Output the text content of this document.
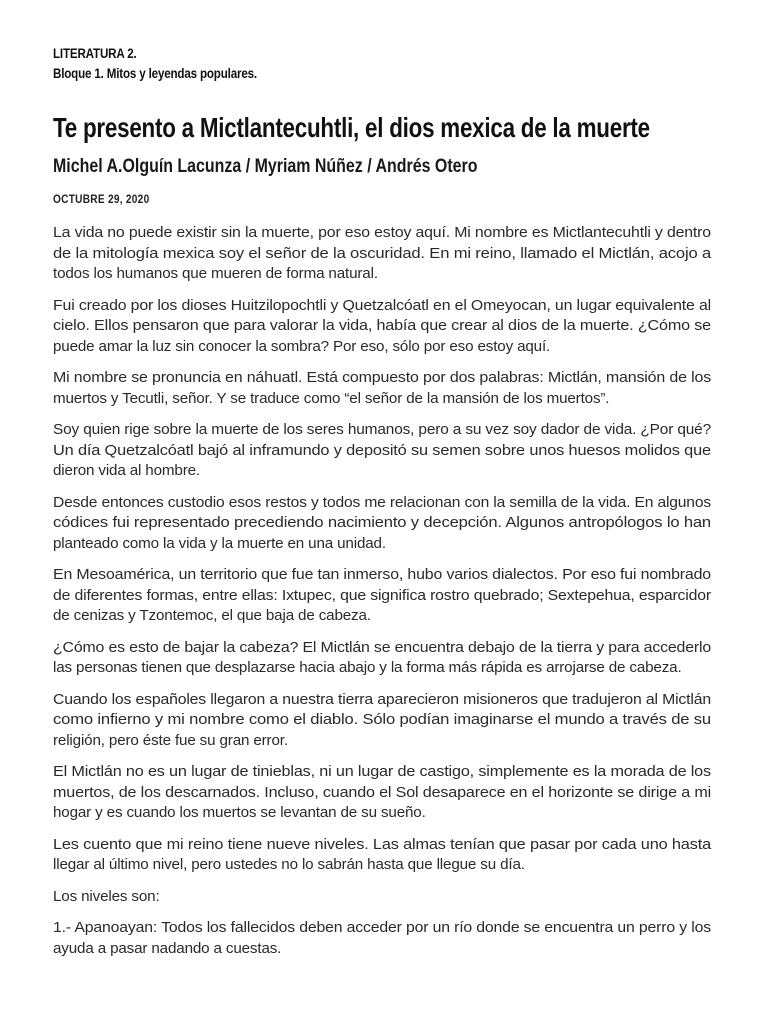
LITERATURA 2.
Bloque 1. Mitos y leyendas populares.
Te presento a Mictlantecuhtli, el dios mexica de la muerte
Michel A.Olguín Lacunza / Myriam Núñez / Andrés Otero
OCTUBRE 29, 2020
La vida no puede existir sin la muerte, por eso estoy aquí. Mi nombre es Mictlantecuhtli y dentro
de la mitología mexica soy el señor de la oscuridad. En mi reino, llamado el Mictlán, acojo a
todos los humanos que mueren de forma natural.
Fui creado por los dioses Huitzilopochtli y Quetzalcóatl en el Omeyocan, un lugar equivalente al
cielo. Ellos pensaron que para valorar la vida, había que crear al dios de la muerte. ¿Cómo se
puede amar la luz sin conocer la sombra? Por eso, sólo por eso estoy aquí.
Mi nombre se pronuncia en náhuatl. Está compuesto por dos palabras: Mictlán, mansión de los
muertos y Tecutli, señor. Y se traduce como “el señor de la mansión de los muertos”.
Soy quien rige sobre la muerte de los seres humanos, pero a su vez soy dador de vida. ¿Por qué?
Un día Quetzalcóatl bajó al inframundo y depositó su semen sobre unos huesos molidos que
dieron vida al hombre.
Desde entonces custodio esos restos y todos me relacionan con la semilla de la vida. En algunos
códices fui representado precediendo nacimiento y decepción. Algunos antropólogos lo han
planteado como la vida y la muerte en una unidad.
En Mesoamérica, un territorio que fue tan inmerso, hubo varios dialectos. Por eso fui nombrado
de diferentes formas, entre ellas: Ixtupec, que significa rostro quebrado; Sextepehua, esparcidor
de cenizas y Tzontemoc, el que baja de cabeza.
¿Cómo es esto de bajar la cabeza? El Mictlán se encuentra debajo de la tierra y para accederlo
las personas tienen que desplazarse hacia abajo y la forma más rápida es arrojarse de cabeza.
Cuando los españoles llegaron a nuestra tierra aparecieron misioneros que tradujeron al Mictlán
como infierno y mi nombre como el diablo. Sólo podían imaginarse el mundo a través de su
religión, pero éste fue su gran error.
El Mictlán no es un lugar de tinieblas, ni un lugar de castigo, simplemente es la morada de los
muertos, de los descarnados. Incluso, cuando el Sol desaparece en el horizonte se dirige a mi
hogar y es cuando los muertos se levantan de su sueño.
Les cuento que mi reino tiene nueve niveles. Las almas tenían que pasar por cada uno hasta
llegar al último nivel, pero ustedes no lo sabrán hasta que llegue su día.
Los niveles son:
1.- Apanoayan: Todos los fallecidos deben acceder por un río donde se encuentra un perro y los
ayuda a pasar nadando a cuestas.
